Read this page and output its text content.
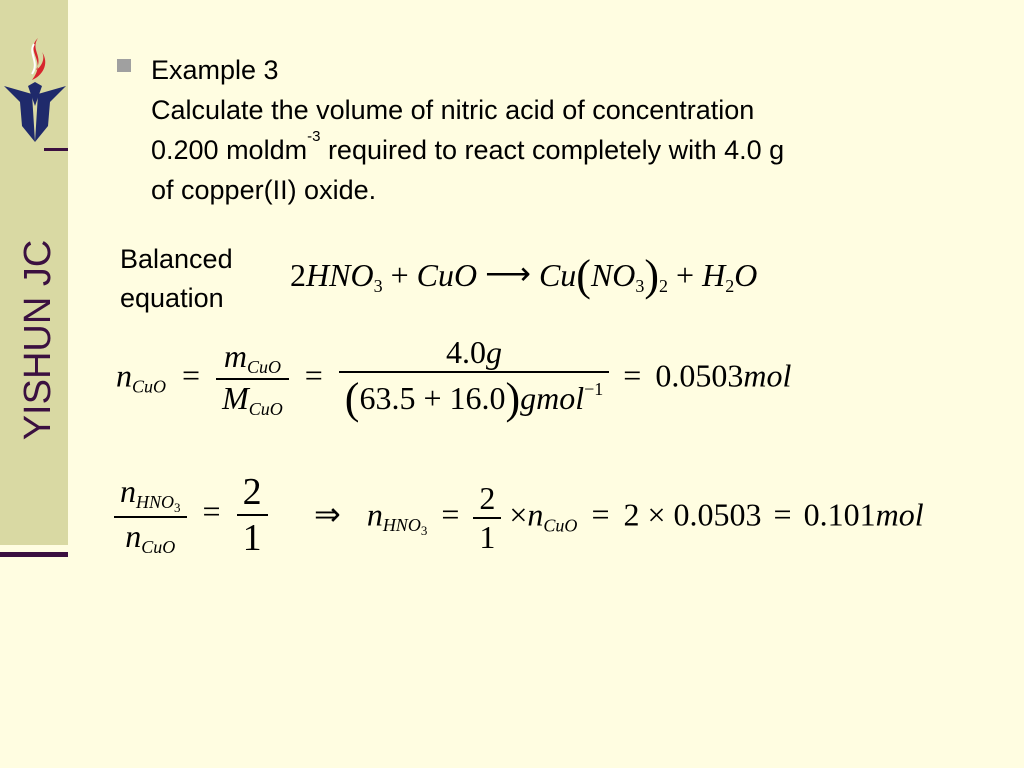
YISHUN JC
Example 3
Calculate the volume of nitric acid of concentration
0.200 moldm$^{-3}$ required to react completely with 4.0 g
of copper(II) oxide.
Balanced
equation
$2HNO_3$ + CuO ⟶ $Cu(NO_3)_2 + H_2O$
$n_{CuO} = \frac{m_{CuO}}{M_{CuO}} = \frac{4.0g}{(63.5 + 16.0)gmol^{-1}} = 0.0503mol$
$\frac{n_{HNO_3}}{n_{CuO}} = \frac{2}{1}$ ⇒ $n_{HNO_3} = \frac{2}{1} \times n_{CuO} = 2 \times 0.0503 = 0.101mol$
